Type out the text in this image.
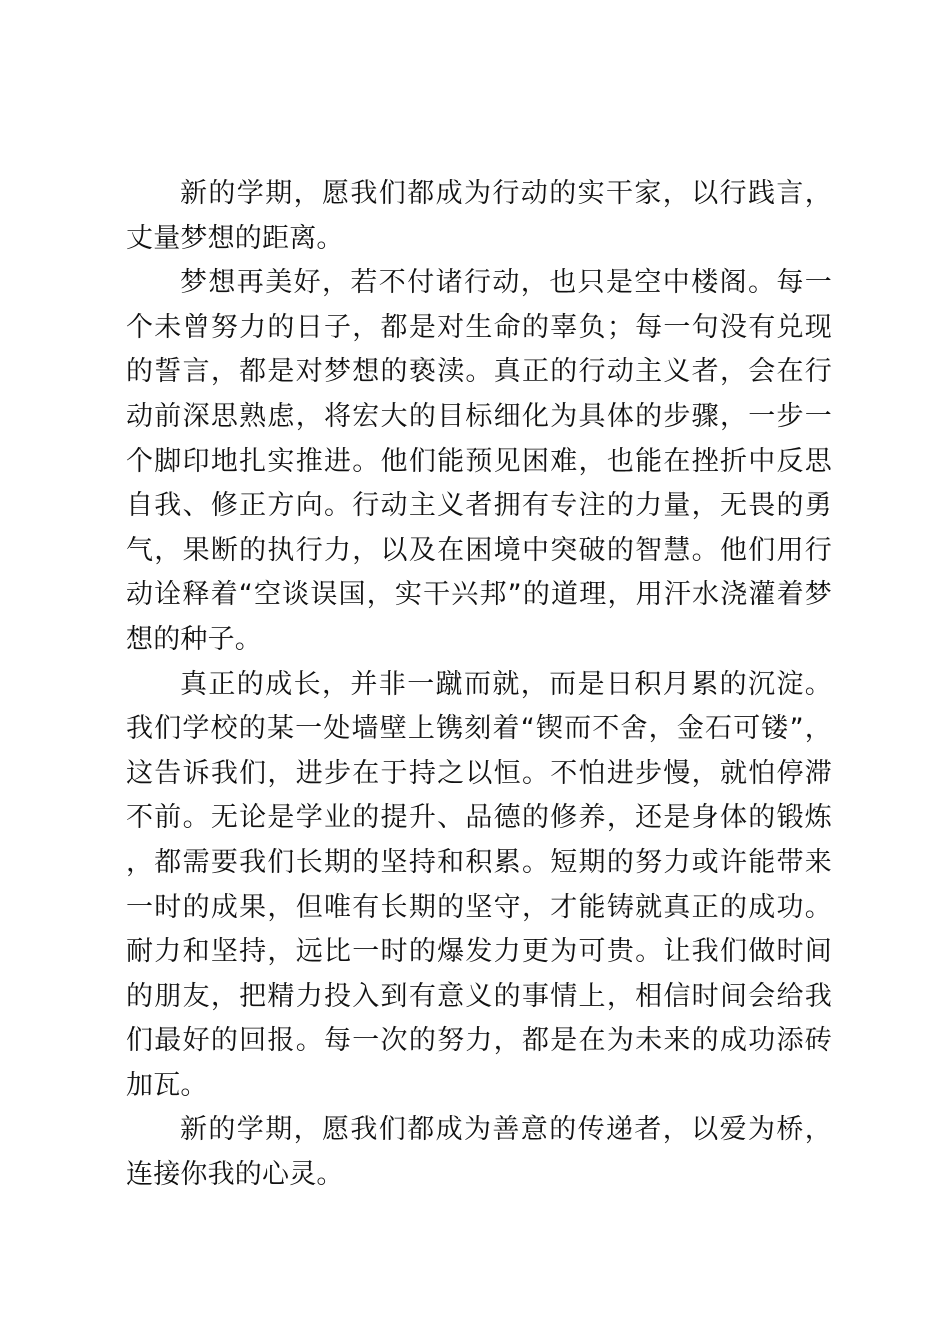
新的学期，愿我们都成为行动的实干家，以行践言，丈量梦想的距离。

梦想再美好，若不付诸行动，也只是空中楼阁。每一个未曾努力的日子，都是对生命的辜负；每一句没有兑现的誓言，都是对梦想的亵渎。真正的行动主义者，会在行动前深思熟虑，将宏大的目标细化为具体的步骤，一步一个脚印地扎实推进。他们能预见困难，也能在挫折中反思自我、修正方向。行动主义者拥有专注的力量，无畏的勇气，果断的执行力，以及在困境中突破的智慧。他们用行动诠释着“空谈误国，实干兴邦”的道理，用汗水浇灌着梦想的种子。

真正的成长，并非一蹴而就，而是日积月累的沉淀。我们学校的某一处墙壁上镌刻着“锲而不舍，金石可镂”，这告诉我们，进步在于持之以恒。不怕进步慢，就怕停滞不前。无论是学业的提升、品德的修养，还是身体的锻炼，都需要我们长期的坚持和积累。短期的努力或许能带来一时的成果，但唯有长期的坚守，才能铸就真正的成功。耐力和坚持，远比一时的爆发力更为可贵。让我们做时间的朋友，把精力投入到有意义的事情上，相信时间会给我们最好的回报。每一次的努力，都是在为未来的成功添砖加瓦。

新的学期，愿我们都成为善意的传递者，以爱为桥，连接你我的心灵。
